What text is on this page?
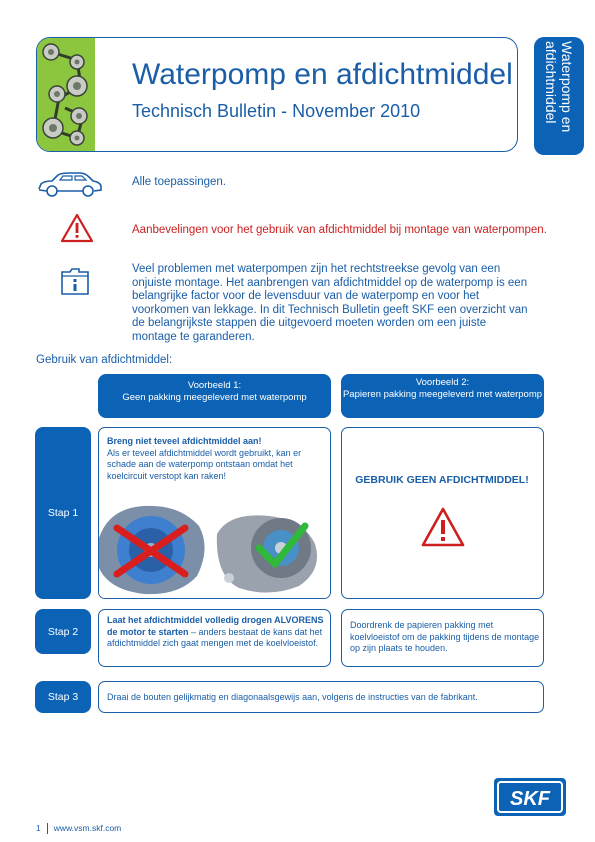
Waterpomp en afdichtmiddel
Technisch Bulletin - November 2010	Waterpomp en afdichtmiddel
Alle toepassingen.
Aanbevelingen voor het gebruik van afdichtmiddel bij montage van waterpompen.
Veel problemen met waterpompen zijn het rechtstreekse gevolg van een onjuiste montage. Het aanbrengen van afdichtmiddel op de waterpomp is een belangrijke factor voor de levensduur van de waterpomp en voor het voorkomen van lekkage. In dit Technisch Bulletin geeft SKF een overzicht van de belangrijkste stappen die uitgevoerd moeten worden om een juiste montage te garanderen.
Gebruik van afdichtmiddel:
Voorbeeld 1:
Geen pakking meegeleverd met waterpomp
Voorbeeld 2:
Papieren pakking meegeleverd met waterpomp
Stap 1
Breng niet teveel afdichtmiddel aan!
Als er teveel afdichtmiddel wordt gebruikt, kan er schade aan de waterpomp ontstaan omdat het koelcircuit verstopt kan raken!	GEBRUIK GEEN AFDICHTMIDDEL!
Stap 2
Laat het afdichtmiddel volledig drogen ALVORENS de motor te starten – anders bestaat de kans dat het afdichtmiddel zich gaat mengen met de koelvloeistof.
Doordrenk de papieren pakking met koelvloeistof om de pakking tijdens de montage op zijn plaats te houden.
Stap 3	Draai de bouten gelijkmatig en diagonaalsgewijs aan, volgens de instructies van de fabrikant.
SKF
1 www.vsm.skf.com
